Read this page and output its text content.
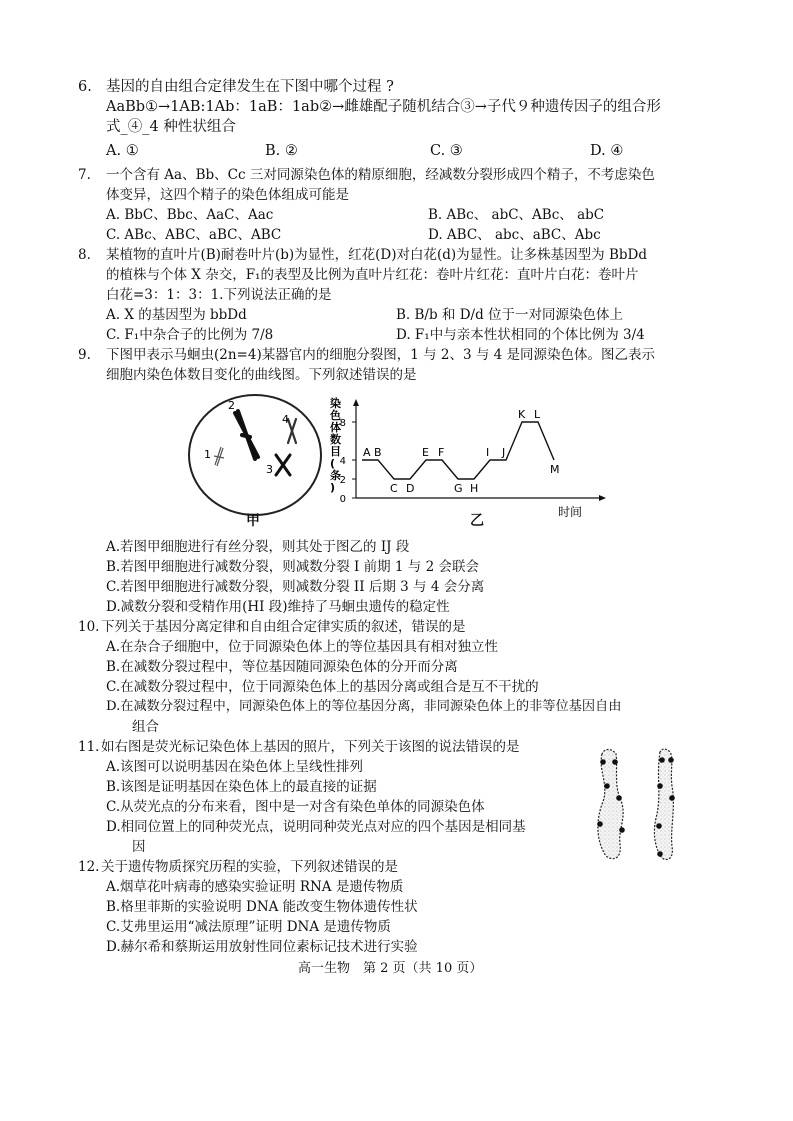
6. 基因的自由组合定律发生在下图中哪个过程 ?
AaBb①→1AB:1Ab：1aB：1ab②→雌雄配子随机结合③→子代９种遗传因子的组合形
式_④_4 种性状组合
A. ①	B. ②	C. ③	D. ④
7. 一个含有 Aa、Bb、Cc 三对同源染色体的精原细胞，经减数分裂形成四个精子，不考虑染色
体变异，这四个精子的染色体组成可能是
A. BbC、Bbc、AaC、Aac	B. ABc、 abC、ABc、 abC
C. ABc、ABC、aBC、ABC	D. ABC、 abc、aBC、Abc
8. 某植物的直叶片(B)耐卷叶片(b)为显性，红花(D)对白花(d)为显性。让多株基因型为 BbDd
的植株与个体 X 杂交，F₁的表型及比例为直叶片红花：卷叶片红花：直叶片白花：卷叶片
白花=3：1：3：1.下列说法正确的是
A. X 的基因型为 bbDd	B. B/b 和 D/d 位于一对同源染色体上
C. F₁中杂合子的比例为 7/8	D. F₁中与亲本性状相同的个体比例为 3/4
9. 下图甲表示马蛔虫(2n=4)某器官内的细胞分裂图，1 与 2、3 与 4 是同源染色体。图乙表示
细胞内染色体数目变化的曲线图。下列叙述错误的是
2
1
4
3
甲
染色体数目(条)
0
2
4
8
A B
C D
E F
G H
I J
K L
M
时间
乙
A.若图甲细胞进行有丝分裂，则其处于图乙的 IJ 段
B.若图甲细胞进行减数分裂，则减数分裂 I 前期 1 与 2 会联会
C.若图甲细胞进行减数分裂，则减数分裂 II 后期 3 与 4 会分离
D.减数分裂和受精作用(HI 段)维持了马蛔虫遗传的稳定性
10. 下列关于基因分离定律和自由组合定律实质的叙述，错误的是
A.在杂合子细胞中，位于同源染色体上的等位基因具有相对独立性
B.在减数分裂过程中，等位基因随同源染色体的分开而分离
C.在减数分裂过程中，位于同源染色体上的基因分离或组合是互不干扰的
D.在减数分裂过程中，同源染色体上的等位基因分离，非同源染色体上的非等位基因自由
组合
11. 如右图是荧光标记染色体上基因的照片，下列关于该图的说法错误的是
A.该图可以说明基因在染色体上呈线性排列
B.该图是证明基因在染色体上的最直接的证据
C.从荧光点的分布来看，图中是一对含有染色单体的同源染色体
D.相同位置上的同种荧光点，说明同种荧光点对应的四个基因是相同基
因
12. 关于遗传物质探究历程的实验，下列叙述错误的是
A.烟草花叶病毒的感染实验证明 RNA 是遗传物质
B.格里菲斯的实验说明 DNA 能改变生物体遗传性状
C.艾弗里运用“减法原理”证明 DNA 是遗传物质
D.赫尔希和蔡斯运用放射性同位素标记技术进行实验
高一生物　第 2 页（共 10 页）
